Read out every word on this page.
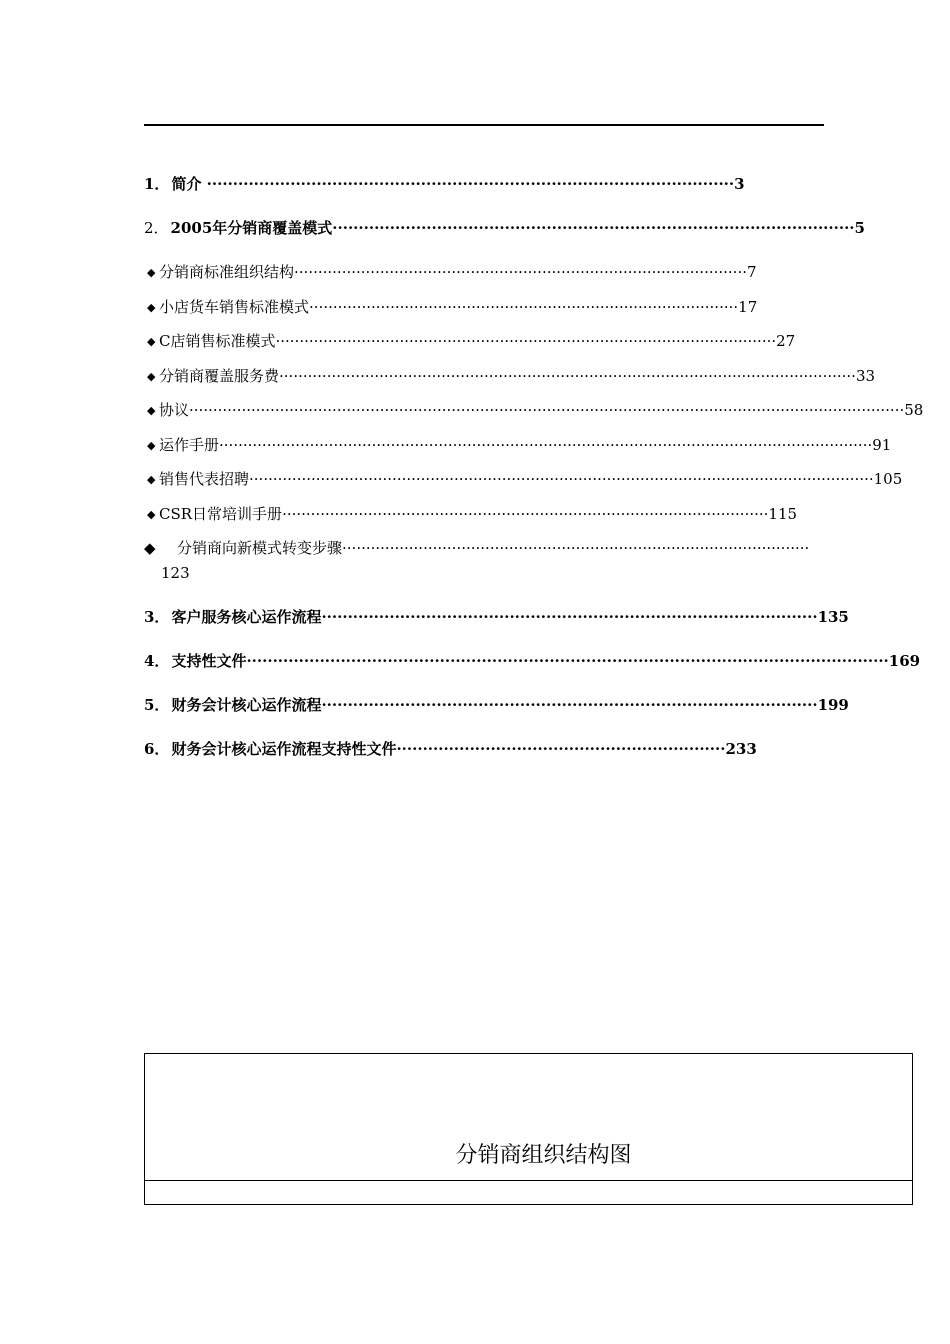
1． 简介 ·····································································································3
2． 2005年分销商覆盖模式····································································································5
◆ 分销商标准组织结构·······························································································7
◆ 小店货车销售标准模式··························································································17
◆ C店销售标准模式·········································································································27
◆ 分销商覆盖服务费·························································································································33
◆ 协议······················································································································································58
◆ 运作手册·········································································································································91
◆ 销售代表招聘···································································································································105
◆ CSR日常培训手册······································································································115
◆ 分销商向新模式转变步骤··································································································
123
3． 客户服务核心运作流程·······························································································135
4． 支持性文件···························································································································169
5． 财务会计核心运作流程·······························································································199
6． 财务会计核心运作流程支持性文件·······························································233
分销商组织结构图
